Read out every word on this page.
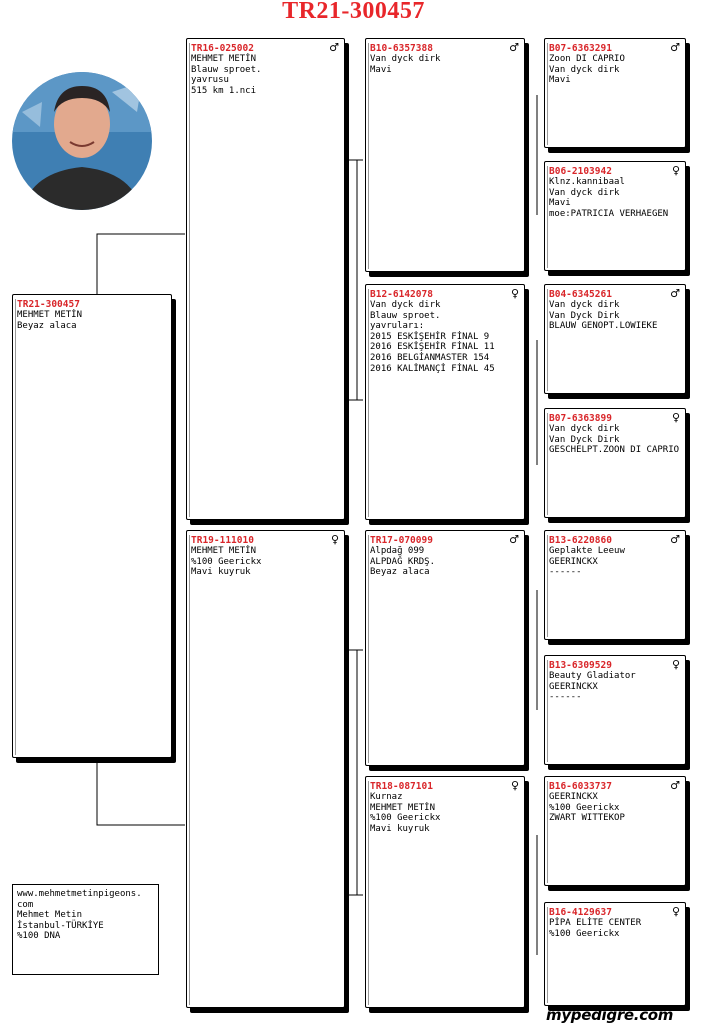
TR21-300457
TR21-300457
MEHMET METİN
Beyaz alaca
TR16-025002	♂
MEHMET METİN
Blauw sproet.
yavrusu
515 km 1.nci
TR19-111010	♀
MEHMET METİN
%100 Geerickx
Mavi kuyruk
B10-6357388	♂
Van dyck dirk
Mavi
B12-6142078	♀
Van dyck dirk
Blauw sproet.
yavruları:
2015 ESKİŞEHİR FİNAL 9
2016 ESKİŞEHİR FİNAL 11
2016 BELGİANMASTER 154
2016 KALİMANÇİ FİNAL 45
TR17-070099	♂
Alpdağ 099
ALPDAĞ KRDŞ.
Beyaz alaca
TR18-087101	♀
Kurnaz
MEHMET METİN
%100 Geerickx
Mavi kuyruk
B07-6363291	♂
Zoon DI CAPRIO
Van dyck dirk
Mavi
B06-2103942	♀
Klnz.kannibaal
Van dyck dirk
Mavi
moe:PATRICIA VERHAEGEN
B04-6345261	♂
Van dyck dirk
Van Dyck Dirk
BLAUW GENOPT.LOWIEKE
B07-6363899	♀
Van dyck dirk
Van Dyck Dirk
GESCHELPT.ZOON DI CAPRIO
B13-6220860	♂
Geplakte Leeuw
GEERINCKX
------
B13-6309529	♀
Beauty Gladiator
GEERINCKX
------
B16-6033737	♂
GEERINCKX
%100 Geerickx
ZWART WITTEKOP
B16-4129637	♀
PİPA ELİTE CENTER
%100 Geerickx
www.mehmetmetinpigeons.
com
Mehmet Metin
İstanbul-TÜRKİYE
%100 DNA
mypedigre.com
